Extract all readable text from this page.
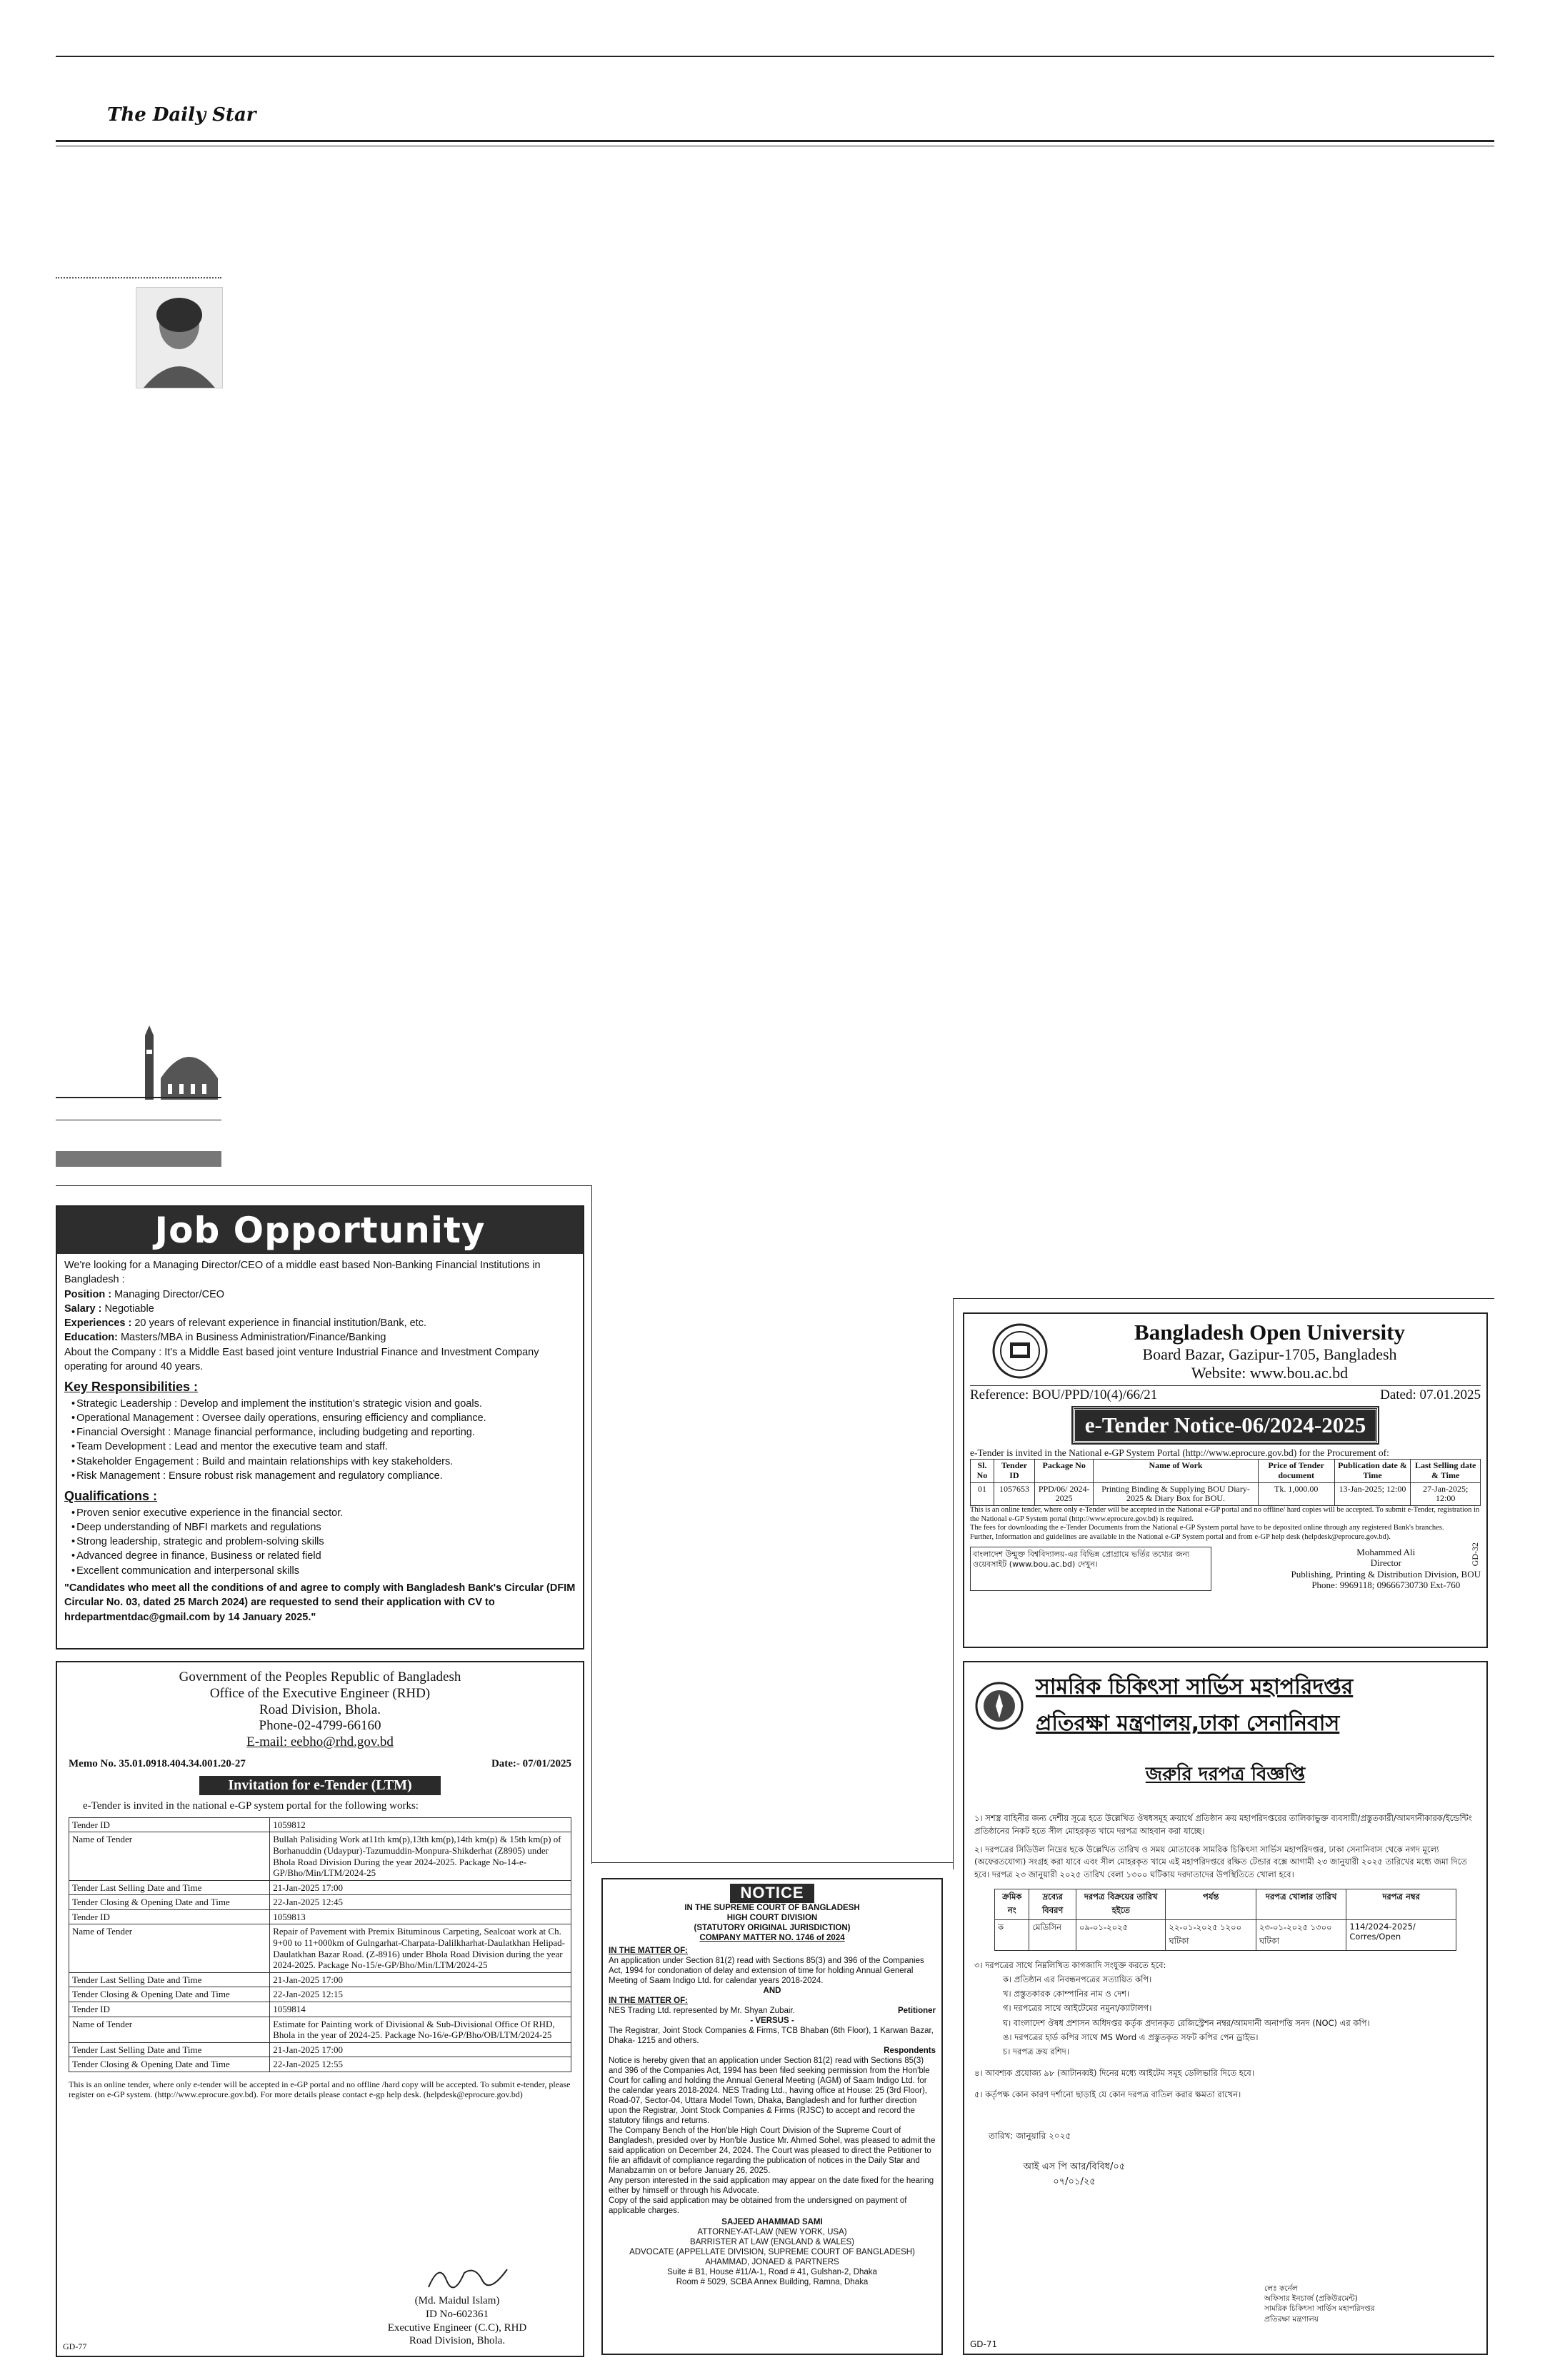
The Daily Star
Job Opportunity
We're looking for a Managing Director/CEO of a middle east based Non-Banking Financial Institutions in Bangladesh :
Position : Managing Director/CEO
Salary : Negotiable
Experiences : 20 years of relevant experience in financial institution/Bank, etc.
Education: Masters/MBA in Business Administration/Finance/Banking
About the Company : It's a Middle East based joint venture Industrial Finance and Investment Company operating for around 40 years.
Key Responsibilities :
• Strategic Leadership : Develop and implement the institution's strategic vision and goals.
• Operational Management : Oversee daily operations, ensuring efficiency and compliance.
• Financial Oversight : Manage financial performance, including budgeting and reporting.
• Team Development : Lead and mentor the executive team and staff.
• Stakeholder Engagement : Build and maintain relationships with key stakeholders.
• Risk Management : Ensure robust risk management and regulatory compliance.
Qualifications :
• Proven senior executive experience in the financial sector.
• Deep understanding of NBFI markets and regulations
• Strong leadership, strategic and problem-solving skills
• Advanced degree in finance, Business or related field
• Excellent communication and interpersonal skills
"Candidates who meet all the conditions of and agree to comply with Bangladesh Bank's Circular (DFIM Circular No. 03, dated 25 March 2024) are requested to send their application with CV to hrdepartmentdac@gmail.com by 14 January 2025."
Government of the Peoples Republic of Bangladesh
Office of the Executive Engineer (RHD)
Road Division, Bhola.
Phone-02-4799-66160
E-mail: eebho@rhd.gov.bd
Memo No. 35.01.0918.404.34.001.20-27	Date:- 07/01/2025
Invitation for e-Tender (LTM)
e-Tender is invited in the national e-GP system portal for the following works:
Tender ID	1059812
Name of Tender	Bullah Palisiding Work at11th km(p),13th km(p),14th km(p) & 15th km(p) of Borhanuddin (Udaypur)-Tazumuddin-Monpura-Shikderhat (Z8905) under Bhola Road Division During the year 2024-2025. Package No-14-e-GP/Bho/Min/LTM/2024-25
Tender Last Selling Date and Time	21-Jan-2025 17:00
Tender Closing & Opening Date and Time	22-Jan-2025 12:45
Tender ID	1059813
Name of Tender	Repair of Pavement with Premix Bituminous Carpeting, Sealcoat work at Ch. 9+00 to 11+000km of Gulngarhat-Charpata-Dalilkharhat-Daulatkhan Helipad- Daulatkhan Bazar Road. (Z-8916) under Bhola Road Division during the year 2024-2025. Package No-15/e-GP/Bho/Min/LTM/2024-25
Tender Last Selling Date and Time	21-Jan-2025 17:00
Tender Closing & Opening Date and Time	22-Jan-2025 12:15
Tender ID	1059814
Name of Tender	Estimate for Painting work of Divisional & Sub-Divisional Office Of RHD, Bhola in the year of 2024-25. Package No-16/e-GP/Bho/OB/LTM/2024-25
Tender Last Selling Date and Time	21-Jan-2025 17:00
Tender Closing & Opening Date and Time	22-Jan-2025 12:55
This is an online tender, where only e-tender will be accepted in e-GP portal and no offline /hard copy will be accepted. To submit e-tender, please register on e-GP system. (http://www.eprocure.gov.bd). For more details please contact e-gp help desk. (helpdesk@eprocure.gov.bd)
(Md. Maidul Islam)
ID No-602361
Executive Engineer (C.C), RHD
Road Division, Bhola.
GD-77
NOTICE
IN THE SUPREME COURT OF BANGLADESH
HIGH COURT DIVISION
(STATUTORY ORIGINAL JURISDICTION)
COMPANY MATTER NO. 1746 of 2024
IN THE MATTER OF:
An application under Section 81(2) read with Sections 85(3) and 396 of the Companies Act, 1994 for condonation of delay and extension of time for holding Annual General Meeting of Saam Indigo Ltd. for calendar years 2018-2024.
AND
IN THE MATTER OF:
NES Trading Ltd. represented by Mr. Shyan Zubair.	Petitioner
- VERSUS -
The Registrar, Joint Stock Companies & Firms, TCB Bhaban (6th Floor), 1 Karwan Bazar, Dhaka- 1215 and others.
Respondents
Notice is hereby given that an application under Section 81(2) read with Sections 85(3) and 396 of the Companies Act, 1994 has been filed seeking permission from the Hon'ble Court for calling and holding the Annual General Meeting (AGM) of Saam Indigo Ltd. for the calendar years 2018-2024. NES Trading Ltd., having office at House: 25 (3rd Floor), Road-07, Sector-04, Uttara Model Town, Dhaka, Bangladesh and for further direction upon the Registrar, Joint Stock Companies & Firms (RJSC) to accept and record the statutory filings and returns.
The Company Bench of the Hon'ble High Court Division of the Supreme Court of Bangladesh, presided over by Hon'ble Justice Mr. Ahmed Sohel, was pleased to admit the said application on December 24, 2024. The Court was pleased to direct the Petitioner to file an affidavit of compliance regarding the publication of notices in the Daily Star and Manabzamin on or before January 26, 2025.
Any person interested in the said application may appear on the date fixed for the hearing either by himself or through his Advocate.
Copy of the said application may be obtained from the undersigned on payment of applicable charges.
SAJEED AHAMMAD SAMI
ATTORNEY-AT-LAW (NEW YORK, USA)
BARRISTER AT LAW (ENGLAND & WALES)
ADVOCATE (APPELLATE DIVISION, SUPREME COURT OF BANGLADESH)
AHAMMAD, JONAED & PARTNERS
Suite # B1, House #11/A-1, Road # 41, Gulshan-2, Dhaka
Room # 5029, SCBA Annex Building, Ramna, Dhaka
Bangladesh Open University
Board Bazar, Gazipur-1705, Bangladesh
Website: www.bou.ac.bd
Reference: BOU/PPD/10(4)/66/21	Dated: 07.01.2025
e-Tender Notice-06/2024-2025
e-Tender is invited in the National e-GP System Portal (http://www.eprocure.gov.bd) for the Procurement of:
Sl. No	Tender ID	Package No	Name of Work	Price of Tender document	Publication date & Time	Last Selling date & Time
01	1057653	PPD/06/ 2024-2025	Printing Binding & Supplying BOU Diary-2025 & Diary Box for BOU.	Tk. 1,000.00	13-Jan-2025; 12:00	27-Jan-2025; 12:00
This is an online tender, where only e-Tender will be accepted in the National e-GP portal and no offline/ hard copies will be accepted. To submit e-Tender, registration in the National e-GP System portal (http://www.eprocure.gov.bd) is required.
The fees for downloading the e-Tender Documents from the National e-GP System portal have to be deposited online through any registered Bank's branches.
Further, Information and guidelines are available in the National e-GP System portal and from e-GP help desk (helpdesk@eprocure.gov.bd).
বাংলাদেশ উন্মুক্ত বিশ্ববিদ্যালয়-এর বিভিন্ন প্রোগ্রামে ভর্তির তথ্যের জন্য ওয়েবসাইট (www.bou.ac.bd) দেখুন।
Mohammed Ali
Director
Publishing, Printing & Distribution Division, BOU
Phone: 9969118; 09666730730 Ext-760
GD-32
সামরিক চিকিৎসা সার্ভিস মহাপরিদপ্তর
প্রতিরক্ষা মন্ত্রণালয়,ঢাকা সেনানিবাস
জরুরি দরপত্র বিজ্ঞপ্তি
১। সশস্ত্র বাহিনীর জন্য দেশীয় সূত্রে হতে উল্লেখিত ঔষধসমূহ ক্রয়ার্থে প্রতিষ্ঠান ক্রয় মহাপরিদপ্তরের তালিকাভুক্ত ব্যবসায়ী/প্রস্তুতকারী/আমদানীকারক/ইন্ডেন্টিং প্রতিষ্ঠানের নিকট হতে সীল মোহরকৃত খামে দরপত্র আহবান করা যাচ্ছে।
২। দরপত্রের সিডিউল নিম্নের ছকে উল্লেখিত তারিখ ও সময় মোতাবেক সামরিক চিকিৎসা সার্ভিস মহাপরিদপ্তর, ঢাকা সেনানিবাস থেকে নগদ মূল্যে (অফেরতযোগ্য) সংগ্রহ করা যাবে এবং সীল মোহরকৃত খামে এই মহাপরিদপ্তরে রক্ষিত টেন্ডার বক্সে আগামী ২৩ জানুয়ারী ২০২৫ তারিখের মধ্যে জমা দিতে হবে। দরপত্র ২৩ জানুয়ারী ২০২৫ তারিখ বেলা ১৩০০ ঘটিকায় দরদাতাদের উপস্থিতিতে খোলা হবে।
ক্রমিক নং	দ্রব্যের বিবরণ	দরপত্র বিক্রয়ের তারিখ হইতে	পর্যন্ত	দরপত্র খোলার তারিখ	দরপত্র নম্বর
ক	মেডিসিন	০৯-০১-২০২৫	২২-০১-২০২৫ ১২০০ ঘটিকা	২৩-০১-২০২৫ ১৩০০ ঘটিকা	114/2024-2025/ Corres/Open
৩। দরপত্রের সাথে নিম্নলিখিত কাগজাদি সংযুক্ত করতে হবে:
ক। প্রতিষ্ঠান এর নিবন্ধনপত্রের সত্যায়িত কপি।
খ। প্রস্তুতকারক কোম্পানির নাম ও দেশ।
গ। দরপত্রের সাথে আইটেমের নমুনা/ক্যাটালগ।
ঘ। বাংলাদেশ ঔষধ প্রশাসন অধিদপ্তর কর্তৃক প্রদানকৃত রেজিস্ট্রেশন নম্বর/আমদানী অনাপত্তি সনদ (NOC) এর কপি।
ঙ। দরপত্রের হার্ড কপির সাথে MS Word এ প্রস্তুতকৃত সফট কপির পেন ড্রাইভ।
চ। দরপত্র ক্রয় রশিদ।
৪। আবশ্যক প্রযোজ্য ৯৮ (আটানব্বই) দিনের মধ্যে আইটেম সমূহ ডেলিভারি দিতে হবে।
৫। কর্তৃপক্ষ কোন কারণ দর্শানো ছাড়াই যে কোন দরপত্র বাতিল করার ক্ষমতা রাখেন।
তারিখ: জানুয়ারি ২০২৫
আই এস পি আর/বিবিধ/০৫
০৭/০১/২৫
লেঃ কর্নেল
অফিসার ইনচার্জ (প্রকিউরমেন্ট)
সামরিক চিকিৎসা সার্ভিস মহাপরিদপ্তর
প্রতিরক্ষা মন্ত্রণালয়
GD-71
